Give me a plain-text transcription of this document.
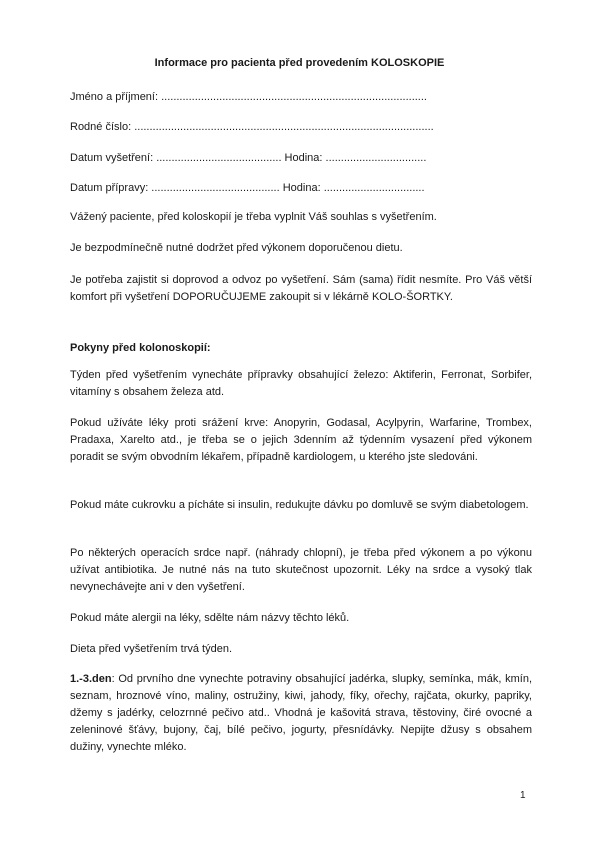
Informace pro pacienta před provedením KOLOSKOPIE
Jméno a příjmení: .......................................................................................
Rodné číslo: ..................................................................................................
Datum vyšetření: ......................................... Hodina: .................................
Datum přípravy: .......................................... Hodina: .................................
Vážený paciente, před koloskopií je třeba vyplnit Váš souhlas s vyšetřením.
Je bezpodmínečně nutné dodržet před výkonem doporučenou dietu.
Je potřeba zajistit si doprovod a odvoz po vyšetření. Sám (sama) řídit nesmíte. Pro Váš větší komfort při vyšetření DOPORUČUJEME zakoupit si v lékárně KOLO-ŠORTKY.
Pokyny před kolonoskopií:
Týden před vyšetřením vynecháte přípravky obsahující železo: Aktiferin, Ferronat, Sorbifer, vitamíny s obsahem železa atd.
Pokud užíváte léky proti srážení krve: Anopyrin, Godasal, Acylpyrin, Warfarine, Trombex, Pradaxa, Xarelto atd., je třeba se o jejich 3denním až týdenním vysazení před výkonem poradit se svým obvodním lékařem, případně kardiologem, u kterého jste sledováni.
Pokud máte cukrovku a pícháte si insulin, redukujte dávku po domluvě se svým diabetologem.
Po některých operacích srdce např. (náhrady chlopní), je třeba před výkonem a po výkonu užívat antibiotika. Je nutné nás na tuto skutečnost upozornit. Léky na srdce a vysoký tlak nevynechávejte ani v den vyšetření.
Pokud máte alergii na léky, sdělte nám názvy těchto léků.
Dieta před vyšetřením trvá týden.
1.-3.den: Od prvního dne vynechte potraviny obsahující jadérka, slupky, semínka, mák, kmín, seznam, hroznové víno, maliny, ostružiny, kiwi, jahody, fíky, ořechy, rajčata, okurky, papriky, džemy s jadérky, celozrnné pečivo atd.. Vhodná je kašovitá strava, těstoviny, čiré ovocné a zeleninové šťávy, bujony, čaj, bílé pečivo, jogurty, přesnídávky. Nepijte džusy s obsahem dužiny, vynechte mléko.
1
